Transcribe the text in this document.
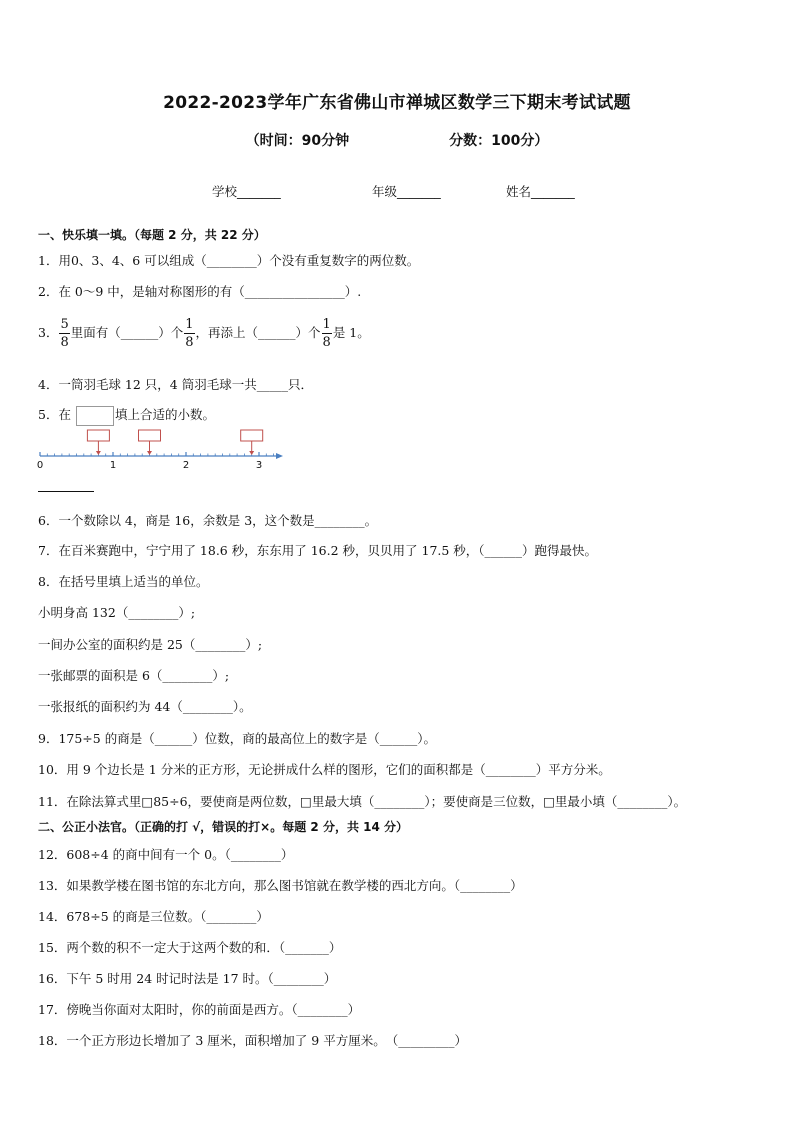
2022-2023学年广东省佛山市禅城区数学三下期末考试试题
（时间：90分钟	分数：100分）
学校_______	年级_______	姓名_______
一、快乐填一填。（每题 2 分，共 22 分）
1．用0、3、4、6 可以组成（________）个没有重复数字的两位数。
2．在 0～9 中，是轴对称图形的有（________________）.
3． $\frac{5}{8}$ 里面有（______）个 $\frac{1}{8}$ ，再添上（______）个 $\frac{1}{8}$ 是 1。
4．一筒羽毛球 12 只，4 筒羽毛球一共_____只．
5．在	填上合适的小数。
0	1	2	3
6．一个数除以 4，商是 16，余数是 3，这个数是________。
7．在百米赛跑中，宁宁用了 18.6 秒，东东用了 16.2 秒，贝贝用了 17.5 秒，（______）跑得最快。
8．在括号里填上适当的单位。
小明身高 132（________）;
一间办公室的面积约是 25（________）;
一张邮票的面积是 6（________）;
一张报纸的面积约为 44（________）。
9．175÷5 的商是（______）位数，商的最高位上的数字是（______）。
10．用 9 个边长是 1 分米的正方形，无论拼成什么样的图形，它们的面积都是（________）平方分米。
11．在除法算式里□85÷6，要使商是两位数，□里最大填（________）；要使商是三位数，□里最小填（________）。
二、公正小法官。（正确的打 √，错误的打×。每题 2 分，共 14 分）
12．608÷4 的商中间有一个 0。（________）
13．如果教学楼在图书馆的东北方向，那么图书馆就在教学楼的西北方向。（________）
14．678÷5 的商是三位数。（________）
15．两个数的积不一定大于这两个数的和．（_______）
16．下午 5 时用 24 时记时法是 17 时。（________）
17．傍晚当你面对太阳时，你的前面是西方。（________）
18．一个正方形边长增加了 3 厘米，面积增加了 9 平方厘米。　（_________）
